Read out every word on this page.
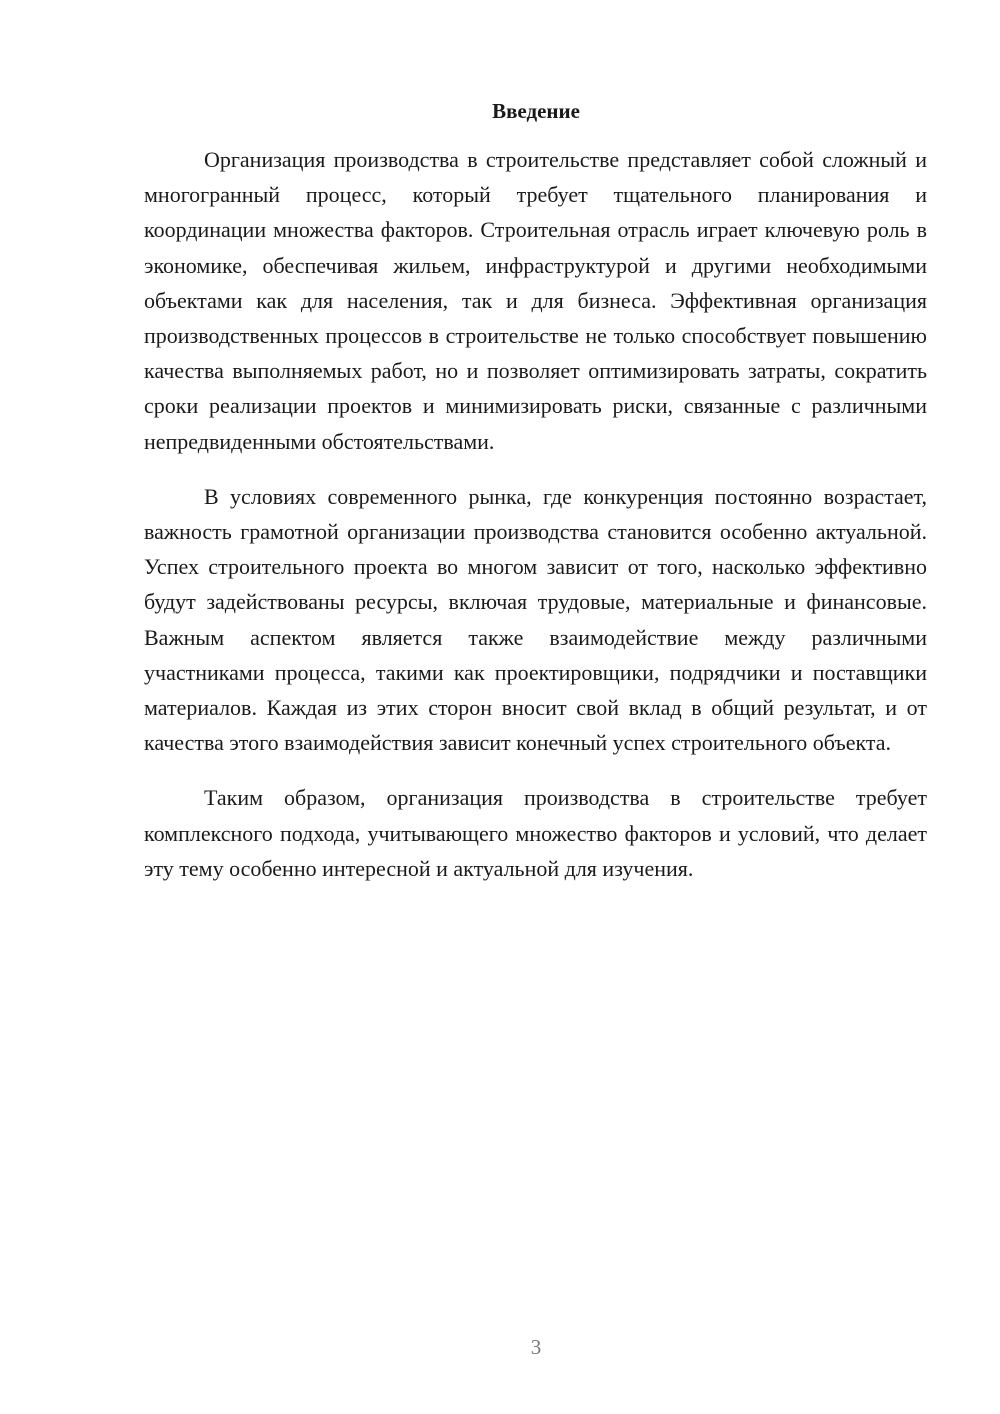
Введение

Организация производства в строительстве представляет собой сложный и многогранный процесс, который требует тщательного планирования и координации множества факторов. Строительная отрасль играет ключевую роль в экономике, обеспечивая жильем, инфраструктурой и другими необходимыми объектами как для населения, так и для бизнеса. Эффективная организация производственных процессов в строительстве не только способствует повышению качества выполняемых работ, но и позволяет оптимизировать затраты, сократить сроки реализации проектов и минимизировать риски, связанные с различными непредвиденными обстоятельствами.

В условиях современного рынка, где конкуренция постоянно возрастает, важность грамотной организации производства становится особенно актуальной. Успех строительного проекта во многом зависит от того, насколько эффективно будут задействованы ресурсы, включая трудовые, материальные и финансовые. Важным аспектом является также взаимодействие между различными участниками процесса, такими как проектировщики, подрядчики и поставщики материалов. Каждая из этих сторон вносит свой вклад в общий результат, и от качества этого взаимодействия зависит конечный успех строительного объекта.

Таким образом, организация производства в строительстве требует комплексного подхода, учитывающего множество факторов и условий, что делает эту тему особенно интересной и актуальной для изучения.

3
